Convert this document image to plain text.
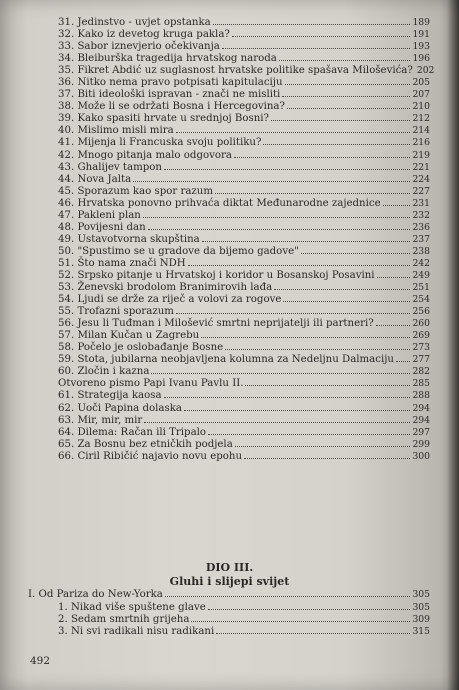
31. Jedinstvo - uvjet opstanka	189
32. Kako iz devetog kruga pakla?	191
33. Sabor iznevjerio očekivanja	193
34. Bleiburška tragedija hrvatskog naroda	196
35. Fikret Abdić uz suglasnost hrvatske politike spašava Miloševića? 202
36. Nitko nema pravo potpisati kapitulaciju	205
37. Biti ideološki ispravan - znači ne misliti	207
38. Može li se održati Bosna i Hercegovina?	210
39. Kako spasiti hrvate u srednjoj Bosni?	212
40. Mislimo misli mira	214
41. Mijenja li Francuska svoju politiku?	216
42. Mnogo pitanja malo odgovora	219
43. Ghalijev tampon	221
44. Nova Jalta	224
45. Sporazum kao spor razum	227
46. Hrvatska ponovno prihvaća diktat Međunarodne zajednice	231
47. Pakleni plan	232
48. Povijesni dan	236
49. Ustavotvorna skupština	237
50. "Spustimo se u gradove da bijemo gadove"	238
51. Što nama znači NDH	242
52. Srpsko pitanje u Hrvatskoj i koridor u Bosanskoj Posavini	249
53. Ženevski brodolom Branimirovih lađa	251
54. Ljudi se drže za riječ a volovi za rogove	254
55. Trofazni sporazum	256
56. Jesu li Tuđman i Milošević smrtni neprijatelji ili partneri?	260
57. Milan Kučan u Zagrebu	269
58. Počelo je oslobađanje Bosne	273
59. Stota, jubilarna neobjavljena kolumna za Nedeljnu Dalmaciju 277
60. Zločin i kazna	282
Otvoreno pismo Papi Ivanu Pavlu II.	285
61. Strategija kaosa	288
62. Uoči Papina dolaska	294
63. Mir, mir, mir	294
64. Dilema: Račan ili Tripalo	297
65. Za Bosnu bez etničkih podjela	299
66. Ciril Ribičić najavio novu epohu	300
DIO III.
Gluhi i slijepi svijet
I. Od Pariza do New-Yorka	305
1. Nikad više spuštene glave	305
2. Sedam smrtnih grijeha	309
3. Ni svi radikali nisu radikani	315
492
